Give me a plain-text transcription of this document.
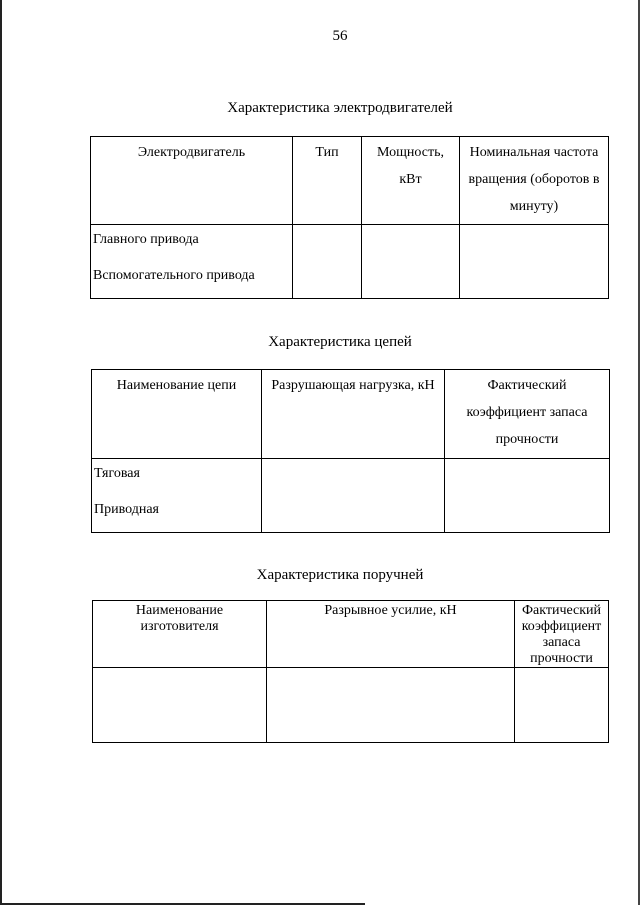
56
Характеристика электродвигателей
Электродвигатель	Тип	Мощность, кВт	Номинальная частота вращения (оборотов в минуту)

Главного привода
Вспомогательного привода			

Характеристика цепей
Наименование цепи	Разрушающая нагрузка, кН	Фактический коэффициент запаса прочности

Тяговая
Приводная		

Характеристика поручней
Наименование изготовителя	Разрывное усилие, кН	Фактический коэффициент запаса прочности
